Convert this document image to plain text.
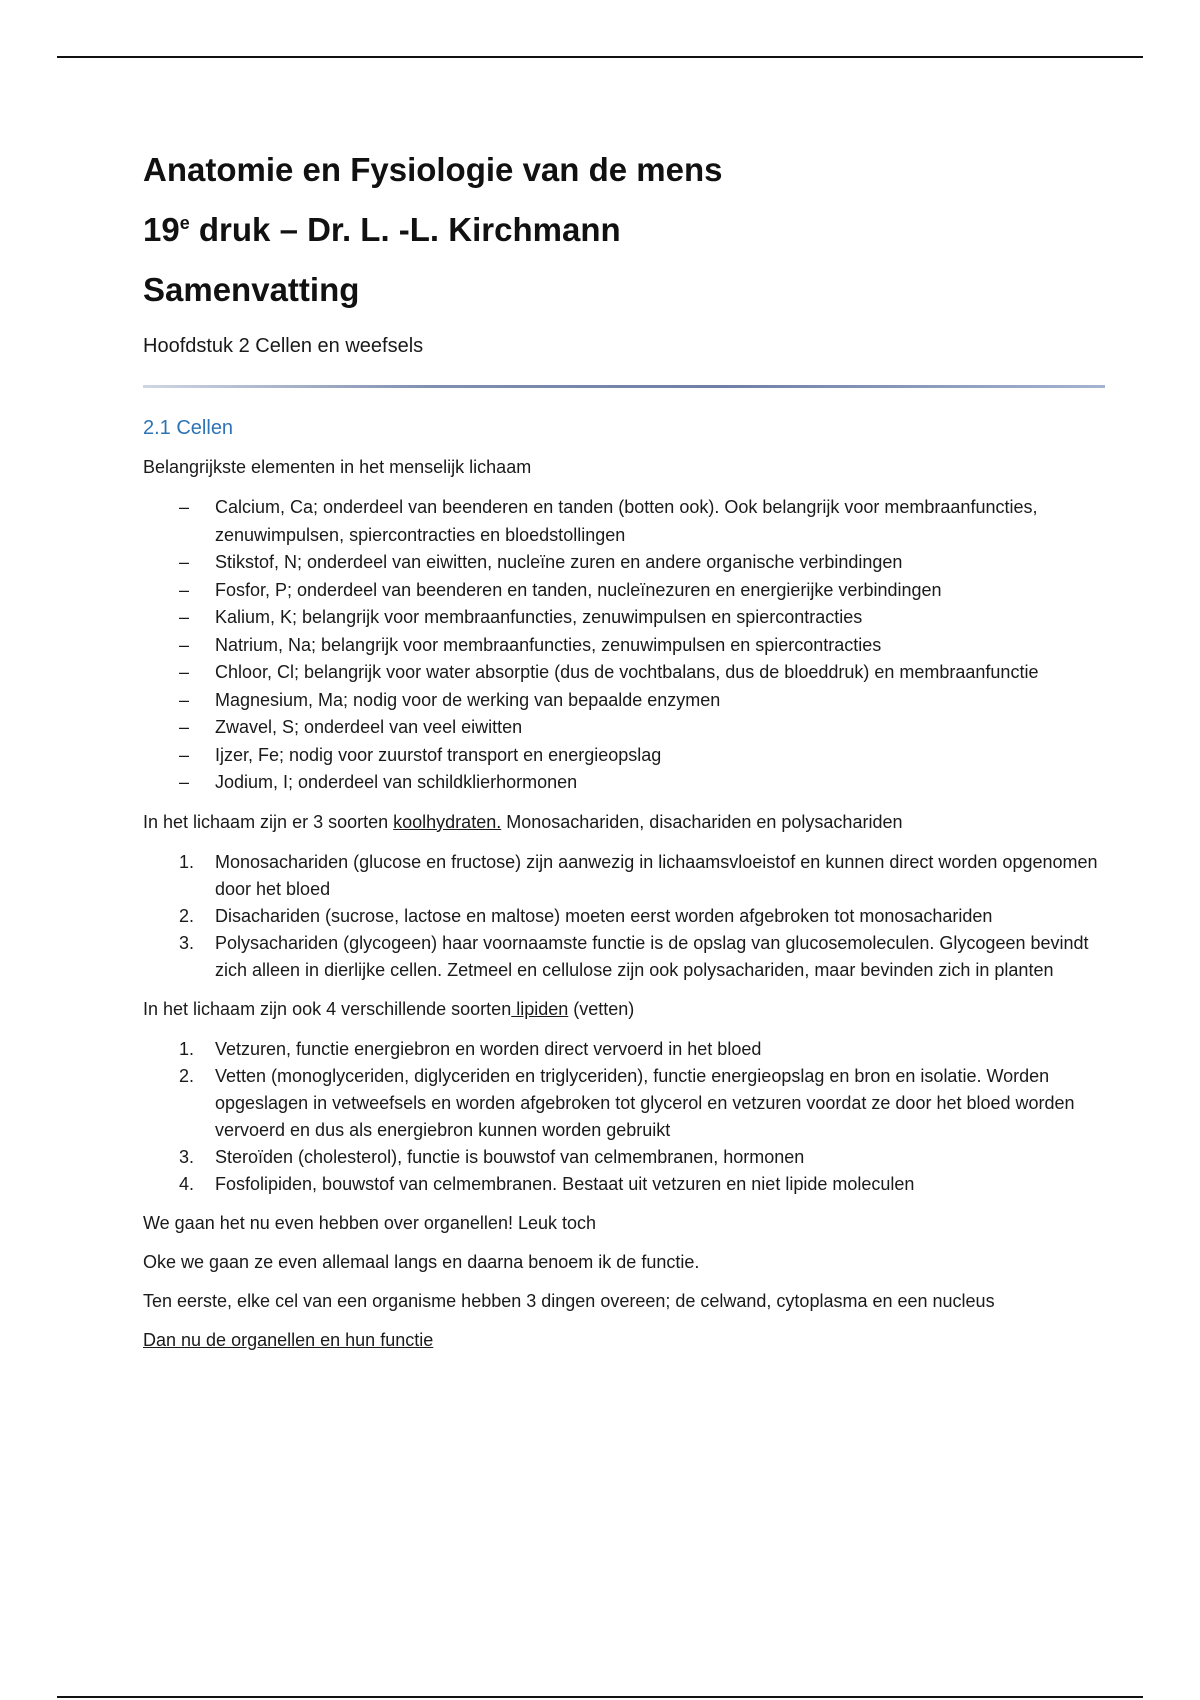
Anatomie en Fysiologie van de mens
19e druk – Dr. L. -L. Kirchmann
Samenvatting
Hoofdstuk 2 Cellen en weefsels
2.1 Cellen

Belangrijkste elementen in het menselijk lichaam

– Calcium, Ca; onderdeel van beenderen en tanden (botten ook). Ook belangrijk voor membraanfuncties, zenuwimpulsen, spiercontracties en bloedstollingen
– Stikstof, N; onderdeel van eiwitten, nucleïne zuren en andere organische verbindingen
– Fosfor, P; onderdeel van beenderen en tanden, nucleïnezuren en energierijke verbindingen
– Kalium, K; belangrijk voor membraanfuncties, zenuwimpulsen en spiercontracties
– Natrium, Na; belangrijk voor membraanfuncties, zenuwimpulsen en spiercontracties
– Chloor, Cl; belangrijk voor water absorptie (dus de vochtbalans, dus de bloeddruk) en membraanfunctie
– Magnesium, Ma; nodig voor de werking van bepaalde enzymen
– Zwavel, S; onderdeel van veel eiwitten
– Ijzer, Fe; nodig voor zuurstof transport en energieopslag
– Jodium, I; onderdeel van schildklierhormonen

In het lichaam zijn er 3 soorten koolhydraten. Monosachariden, disachariden en polysachariden

1. Monosachariden (glucose en fructose) zijn aanwezig in lichaamsvloeistof en kunnen direct worden opgenomen door het bloed
2. Disachariden (sucrose, lactose en maltose) moeten eerst worden afgebroken tot monosachariden
3. Polysachariden (glycogeen) haar voornaamste functie is de opslag van glucosemoleculen. Glycogeen bevindt zich alleen in dierlijke cellen. Zetmeel en cellulose zijn ook polysachariden, maar bevinden zich in planten

In het lichaam zijn ook 4 verschillende soorten lipiden (vetten)

1. Vetzuren, functie energiebron en worden direct vervoerd in het bloed
2. Vetten (monoglyceriden, diglyceriden en triglyceriden), functie energieopslag en bron en isolatie. Worden opgeslagen in vetweefsels en worden afgebroken tot glycerol en vetzuren voordat ze door het bloed worden vervoerd en dus als energiebron kunnen worden gebruikt
3. Steroïden (cholesterol), functie is bouwstof van celmembranen, hormonen
4. Fosfolipiden, bouwstof van celmembranen. Bestaat uit vetzuren en niet lipide moleculen

We gaan het nu even hebben over organellen! Leuk toch

Oke we gaan ze even allemaal langs en daarna benoem ik de functie.

Ten eerste, elke cel van een organisme hebben 3 dingen overeen; de celwand, cytoplasma en een nucleus

Dan nu de organellen en hun functie
